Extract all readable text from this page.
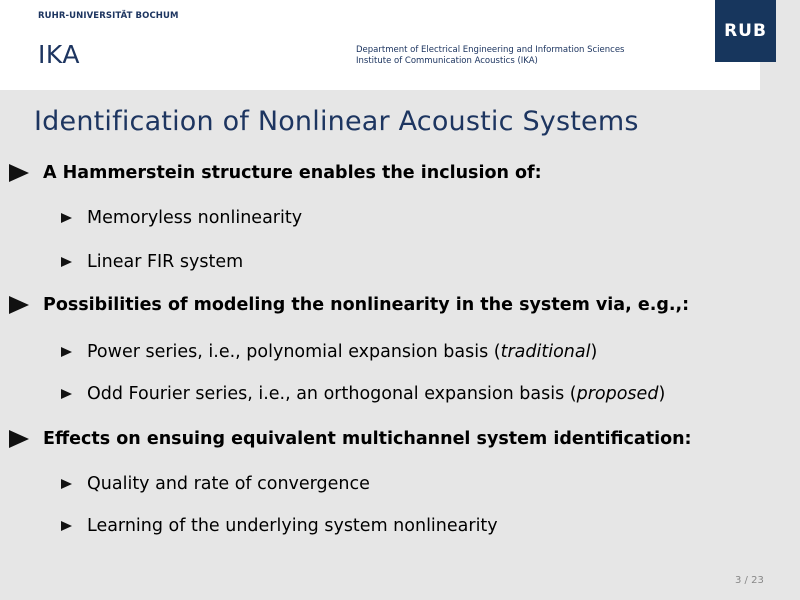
RUHR-UNIVERSITÄT BOCHUM
IKA	Department of Electrical Engineering and Information Sciences
Institute of Communication Acoustics (IKA)
RUB
Identification of Nonlinear Acoustic Systems
A Hammerstein structure enables the inclusion of:
Memoryless nonlinearity
Linear FIR system
Possibilities of modeling the nonlinearity in the system via, e.g.,:
Power series, i.e., polynomial expansion basis (traditional)
Odd Fourier series, i.e., an orthogonal expansion basis (proposed)
Effects on ensuing equivalent multichannel system identification:
Quality and rate of convergence
Learning of the underlying system nonlinearity
3 / 23
